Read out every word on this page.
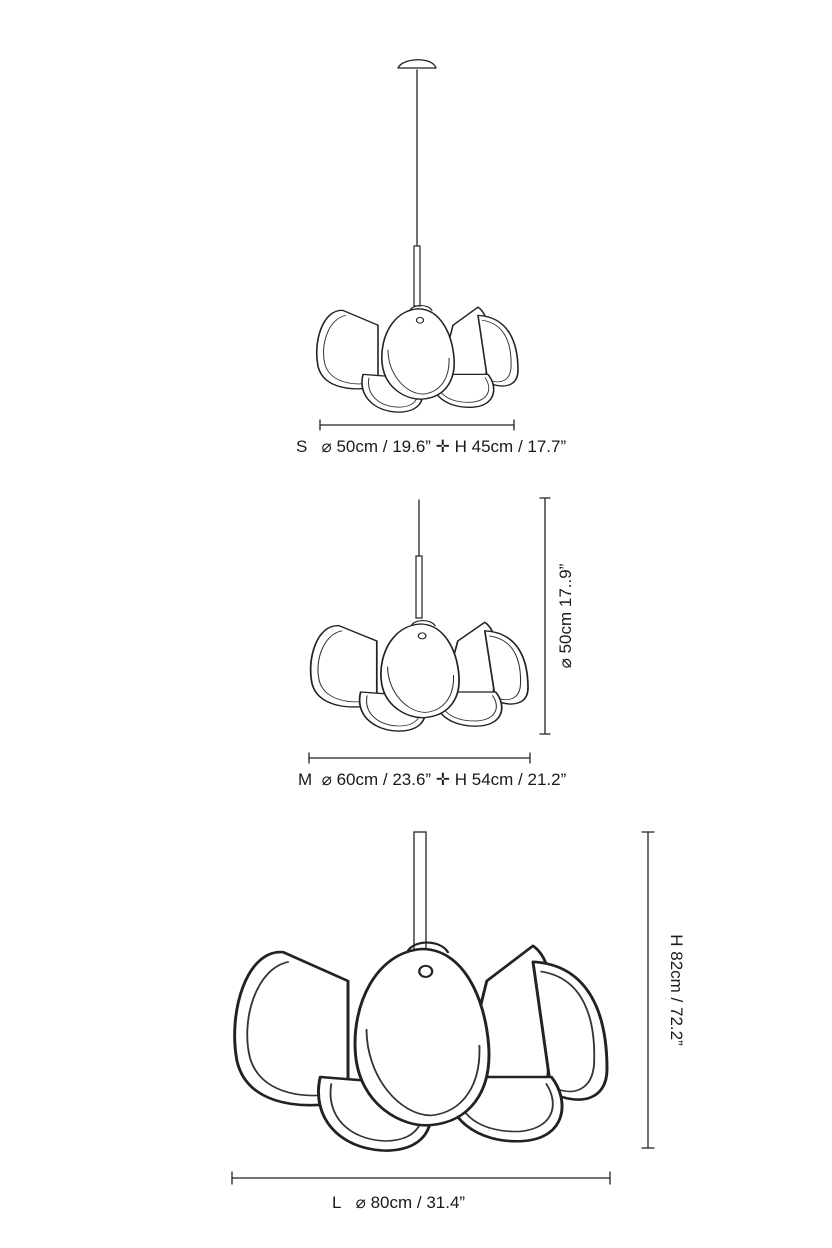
S ⌀ 50cm / 19.6” ✛ H 45cm / 17.7”
M ⌀ 60cm / 23.6” ✛ H 54cm / 21.2”
⌀ 50cm 17..9”
L ⌀ 80cm / 31.4”
H 82cm / 72.2”
